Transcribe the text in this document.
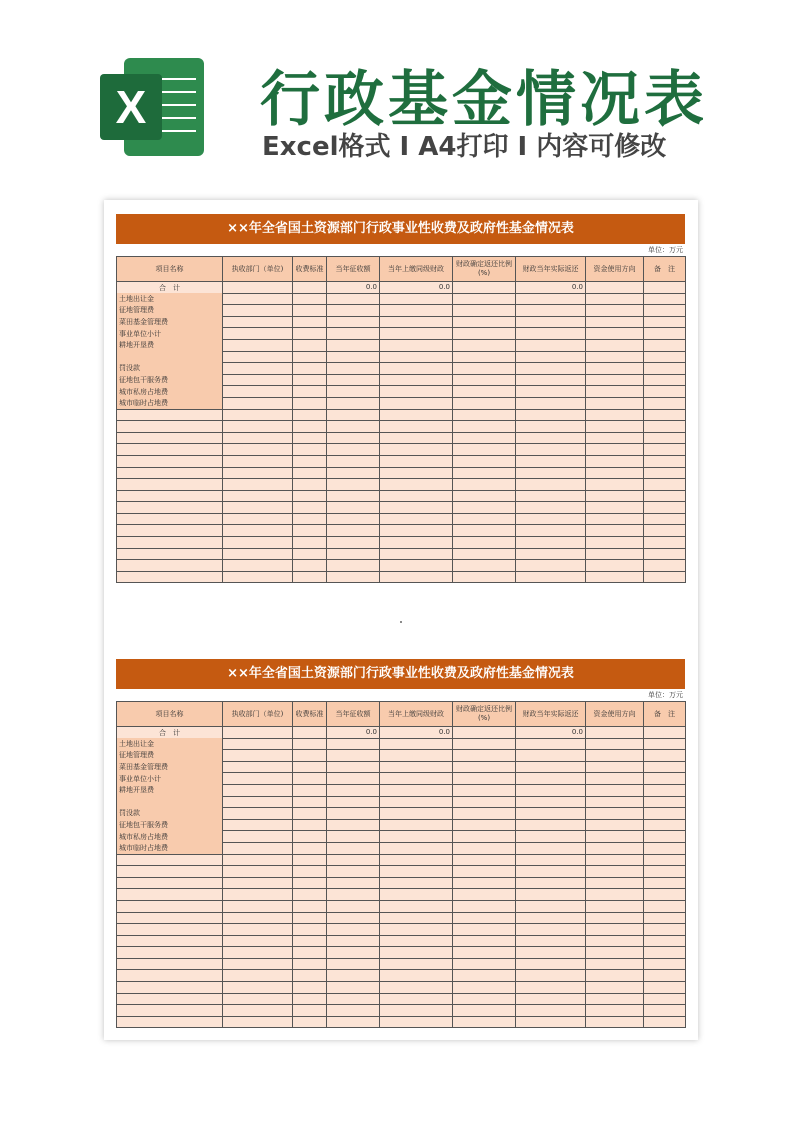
X 行政基金情况表
Excel格式 I A4打印 I 内容可修改
××年全省国土资源部门行政事业性收费及政府性基金情况表
单位：万元
项目名称	执收部门（单位)	收费标准	当年征收额	当年上缴同级财政	财政确定返还比例(%)	财政当年实际返还	资金使用方向	备　注
合　计			0.0	0.0		0.0		
土地出让金								
征地管理费								
菜田基金管理费								
事业单位小计								
耕地开垦费								

罚没款								
征地包干服务费								
城市私房占地费								
城市临时占地费								

××年全省国土资源部门行政事业性收费及政府性基金情况表
单位：万元
项目名称	执收部门（单位)	收费标准	当年征收额	当年上缴同级财政	财政确定返还比例(%)	财政当年实际返还	资金使用方向	备　注
合　计			0.0	0.0		0.0		
土地出让金								
征地管理费								
菜田基金管理费								
事业单位小计								
耕地开垦费								

罚没款								
征地包干服务费								
城市私房占地费								
城市临时占地费								
